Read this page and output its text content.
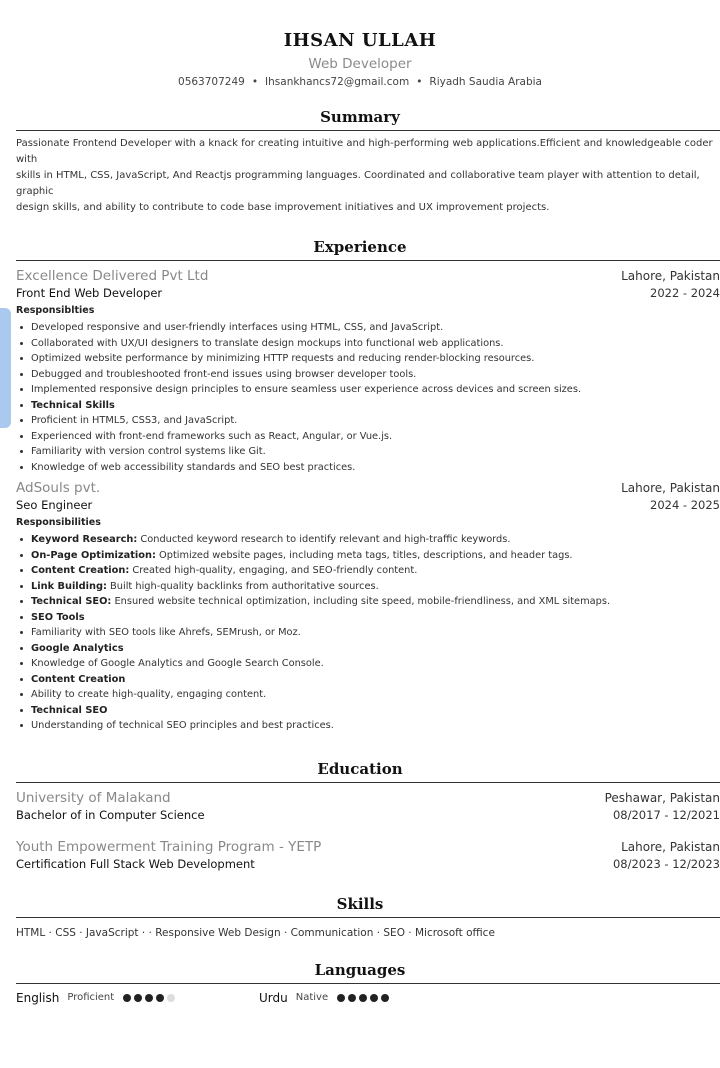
IHSAN ULLAH
Web Developer
0563707249 • Ihsankhancs72@gmail.com • Riyadh Saudia Arabia
Summary
Passionate Frontend Developer with a knack for creating intuitive and high-performing web applications.Efficient and knowledgeable coder with
skills in HTML, CSS, JavaScript, And Reactjs programming languages. Coordinated and collaborative team player with attention to detail, graphic
design skills, and ability to contribute to code base improvement initiatives and UX improvement projects.
Experience
Excellence Delivered Pvt Ltd	Lahore, Pakistan
Front End Web Developer	2022 - 2024
Responsiblties
Developed responsive and user-friendly interfaces using HTML, CSS, and JavaScript.
Collaborated with UX/UI designers to translate design mockups into functional web applications.
Optimized website performance by minimizing HTTP requests and reducing render-blocking resources.
Debugged and troubleshooted front-end issues using browser developer tools.
Implemented responsive design principles to ensure seamless user experience across devices and screen sizes.
Technical Skills
Proficient in HTML5, CSS3, and JavaScript.
Experienced with front-end frameworks such as React, Angular, or Vue.js.
Familiarity with version control systems like Git.
Knowledge of web accessibility standards and SEO best practices.
AdSouls pvt.	Lahore, Pakistan
Seo Engineer	2024 - 2025
Responsibilities
Keyword Research: Conducted keyword research to identify relevant and high-traffic keywords.
On-Page Optimization: Optimized website pages, including meta tags, titles, descriptions, and header tags.
Content Creation: Created high-quality, engaging, and SEO-friendly content.
Link Building: Built high-quality backlinks from authoritative sources.
Technical SEO: Ensured website technical optimization, including site speed, mobile-friendliness, and XML sitemaps.
SEO Tools
Familiarity with SEO tools like Ahrefs, SEMrush, or Moz.
Google Analytics
Knowledge of Google Analytics and Google Search Console.
Content Creation
Ability to create high-quality, engaging content.
Technical SEO
Understanding of technical SEO principles and best practices.
Education
University of Malakand	Peshawar, Pakistan
Bachelor of in Computer Science	08/2017 - 12/2021
Youth Empowerment Training Program - YETP	Lahore, Pakistan
Certification Full Stack Web Development	08/2023 - 12/2023
Skills
HTML · CSS · JavaScript · · Responsive Web Design · Communication · SEO · Microsoft office
Languages
English Proficient	Urdu Native
